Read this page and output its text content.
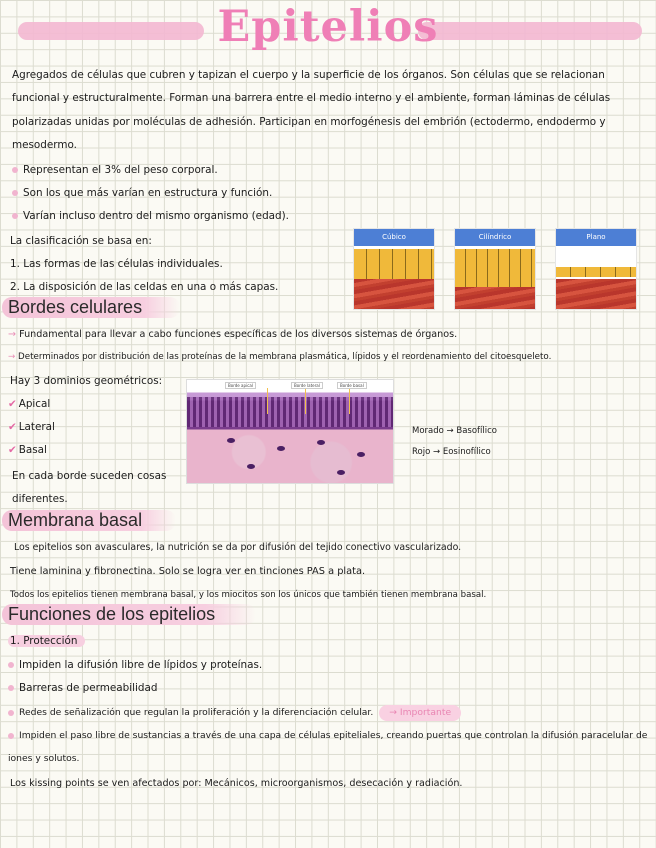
Epitelios
Agregados de células que cubren y tapizan el cuerpo y la superficie de los órganos. Son células que se relacionan funcional y estructuralmente. Forman una barrera entre el medio interno y el ambiente, forman láminas de células polarizadas unidas por moléculas de adhesión. Participan en morfogénesis del embrión (ectodermo, endodermo y mesodermo.
Representan el 3% del peso corporal.
Son los que más varían en estructura y función.
Varían incluso dentro del mismo organismo (edad).
La clasificación se basa en:
1. Las formas de las células individuales.
2. La disposición de las celdas en una o más capas.
Cúbico	Cilíndrico	Plano
Bordes celulares
→ Fundamental para llevar a cabo funciones específicas de los diversos sistemas de órganos.
→ Determinados por distribución de las proteínas de la membrana plasmática, lípidos y el reordenamiento del citoesqueleto.
Hay 3 dominios geométricos:
✔ Apical
✔ Lateral
✔ Basal
En cada borde suceden cosas
diferentes.
Borde apical	Borde lateral	Borde basal
Morado → Basofílico
Rojo → Eosinofílico
Membrana basal
Los epitelios son avasculares, la nutrición se da por difusión del tejido conectivo vascularizado.
Tiene laminina y fibronectina. Solo se logra ver en tinciones PAS a plata.
Todos los epitelios tienen membrana basal, y los miocitos son los únicos que también tienen membrana basal.
Funciones de los epitelios
1. Protección
Impiden la difusión libre de lípidos y proteínas.
Barreras de permeabilidad
Redes de señalización que regulan la proliferación y la diferenciación celular. → Importante
Impiden el paso libre de sustancias a través de una capa de células epiteliales, creando puertas que controlan la difusión paracelular de iones y solutos.
Los kissing points se ven afectados por: Mecánicos, microorganismos, desecación y radiación.
